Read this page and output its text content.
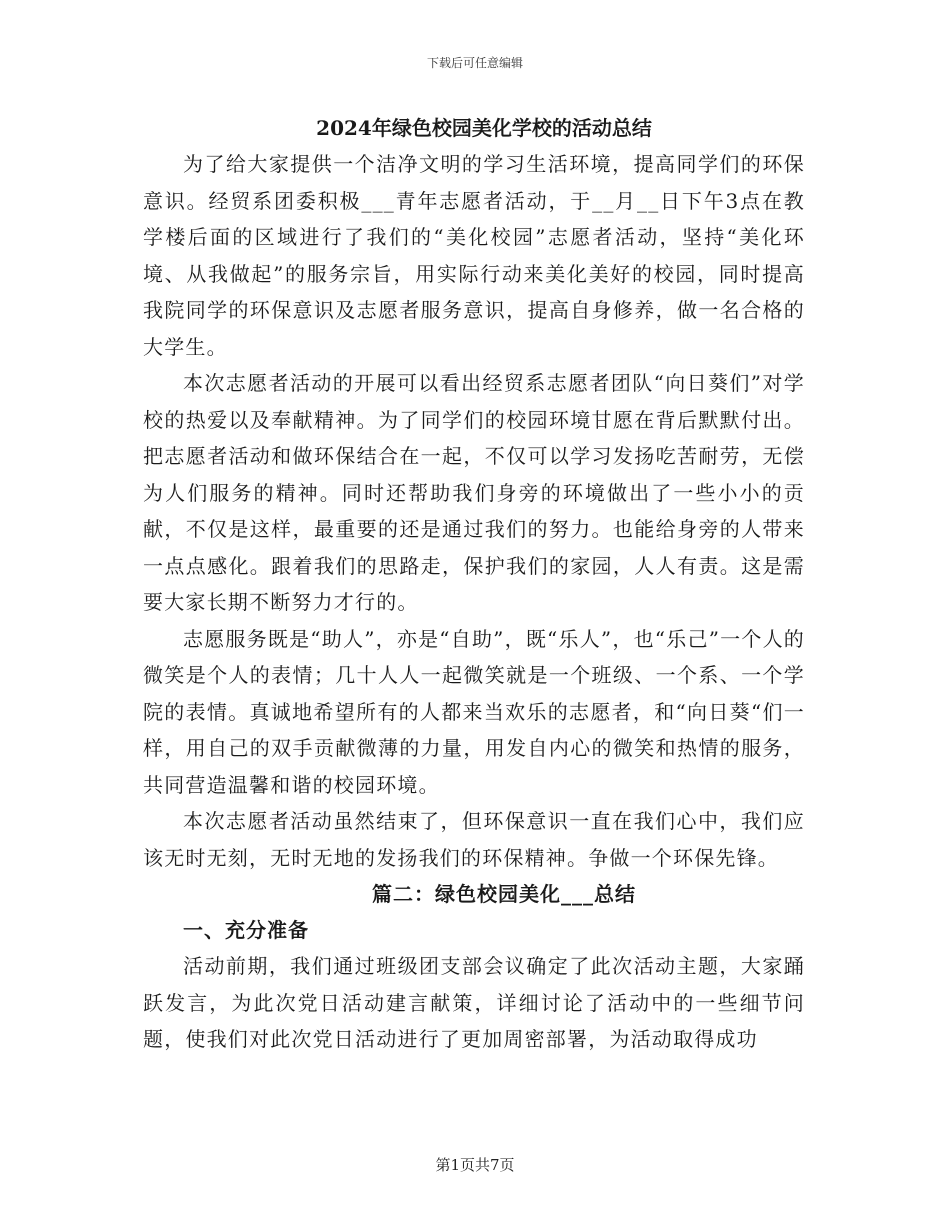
下载后可任意编辑
2024年绿色校园美化学校的活动总结

为了给大家提供一个洁净文明的学习生活环境，提高同学们的环保意识。经贸系团委积极___青年志愿者活动，于__月__日下午3点在教学楼后面的区域进行了我们的“美化校园”志愿者活动，坚持“美化环境、从我做起”的服务宗旨，用实际行动来美化美好的校园，同时提高我院同学的环保意识及志愿者服务意识，提高自身修养，做一名合格的大学生。

本次志愿者活动的开展可以看出经贸系志愿者团队“向日葵们”对学校的热爱以及奉献精神。为了同学们的校园环境甘愿在背后默默付出。把志愿者活动和做环保结合在一起，不仅可以学习发扬吃苦耐劳，无偿为人们服务的精神。同时还帮助我们身旁的环境做出了一些小小的贡献，不仅是这样，最重要的还是通过我们的努力。也能给身旁的人带来一点点感化。跟着我们的思路走，保护我们的家园，人人有责。这是需要大家长期不断努力才行的。

志愿服务既是“助人”，亦是“自助”，既“乐人”，也“乐己”一个人的微笑是个人的表情；几十人人一起微笑就是一个班级、一个系、一个学院的表情。真诚地希望所有的人都来当欢乐的志愿者，和“向日葵“们一样，用自己的双手贡献微薄的力量，用发自内心的微笑和热情的服务，共同营造温馨和谐的校园环境。

本次志愿者活动虽然结束了，但环保意识一直在我们心中，我们应该无时无刻，无时无地的发扬我们的环保精神。争做一个环保先锋。

篇二：绿色校园美化___总结
一、充分准备

活动前期，我们通过班级团支部会议确定了此次活动主题，大家踊跃发言，为此次党日活动建言献策，详细讨论了活动中的一些细节问题，使我们对此次党日活动进行了更加周密部署，为活动取得成功

第1页共7页
